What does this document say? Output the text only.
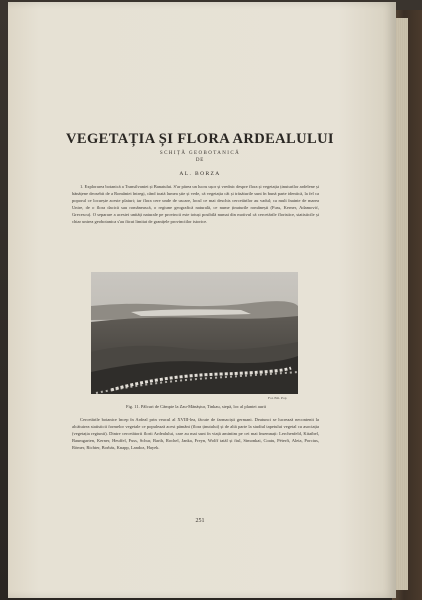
VEGETAȚIA ȘI FLORA ARDEALULUI
SCHIȚĂ GEOBOTANICĂ
DE
AL. BORZA

1. Explorarea botanică a Transilvaniei și Banatului. S'ar părea un lucru ușor și vrednic despre flora și vegetația ținuturilor ardelene și bănățene deosebit de a României întregi, când toată lumea știe și vede, că vegetația cât și trăsăturile sunt în bună parte identică, la fel ca poporul ce locuește aceste plaiuri; iar flora cere unde de uscare, locul ce mai deschis cercetărilor au vadul; ca mult înainte de marea Unire, de o flora dacică sau românească, o regiune geografică naturală, ce nume ținuturile românești (Fuss, Kerner, Adamović, Grecescu). O separare a acestei unități naturale pe provincii este totuși posibilă numai din motivul că cercetările floristice, statisticile și chiar unirea geobotanica s'au făcut limitat de granițele provinciilor istorice.

Fot. Em. Pop
Fig. 11. Pâlcuri de Câmpie la Zau-Mănăștur, Tinkau, stepă, loc al plantei aurii

Cercetările botanice încep în Ardeal prin veacul al XVIII-lea, făcute de farmaciști germani. Deatunci se lucrează necontenit la alcătuirea statisticii formelor vegetale ce populează acest pământ (flora ținutului) și de altă parte la studiul tapetului vegetal cu asociația (vegetația regiunii). Dintre cercetătorii florii Ardealului, care au mai sunt în viață amintim pe cei mai însemnați: Lerchenfeld, Kitaibel, Baumgarten, Kerner, Heuffel, Fuss, Schur, Barth, Rochel, Janka, Freyn, Wolff tatăl și fiul, Simonkai, Coatu, Péterfi, Aleia, Porcius, Römer, Richter, Borbás, Knapp, Landoz, Hayek.

251
